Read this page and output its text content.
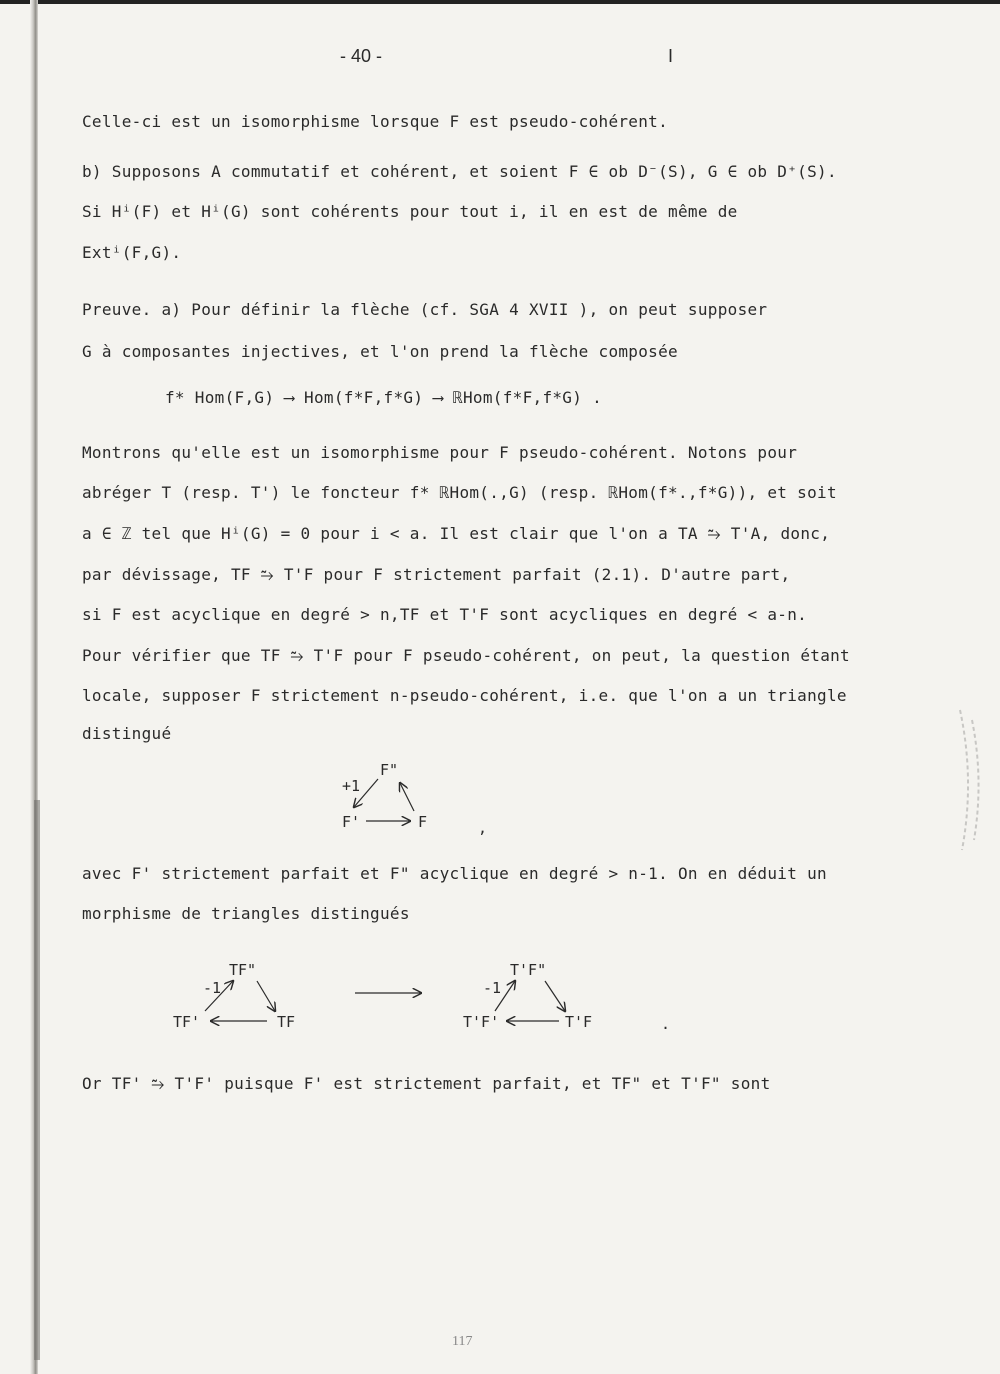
- 40 -	I
Celle-ci est un isomorphisme lorsque F est pseudo-cohérent.
b) Supposons A commutatif et cohérent, et soient F ∈ ob D⁻(S), G ∈ ob D⁺(S).
Si Hⁱ(F) et Hⁱ(G) sont cohérents pour tout i, il en est de même de
Extⁱ(F,G).
Preuve. a) Pour définir la flèche (cf. SGA 4 XVII ), on peut supposer
G à composantes injectives, et l'on prend la flèche composée
f* Hom(F,G) ⟶ Hom(f*F,f*G) ⟶ ℝHom(f*F,f*G) .
Montrons qu'elle est un isomorphisme pour F pseudo-cohérent. Notons pour
abréger T (resp. T') le foncteur f* ℝHom(.,G) (resp. ℝHom(f*.,f*G)), et soit
a ∈ ℤ tel que Hⁱ(G) = 0 pour i < a. Il est clair que l'on a TA ⥲ T'A, donc,
par dévissage, TF ⥲ T'F pour F strictement parfait (2.1). D'autre part,
si F est acyclique en degré > n,TF et T'F sont acycliques en degré < a-n.
Pour vérifier que TF ⥲ T'F pour F pseudo-cohérent, on peut, la question étant
locale, supposer F strictement n-pseudo-cohérent, i.e. que l'on a un triangle
distingué
F"
+1
F'	F	,
avec F' strictement parfait et F" acyclique en degré > n-1. On en déduit un
morphisme de triangles distingués
TF"
-1
TF'	TF
T'F"
-1
T'F'	T'F	.
Or TF' ⥲ T'F' puisque F' est strictement parfait, et TF" et T'F" sont
117
